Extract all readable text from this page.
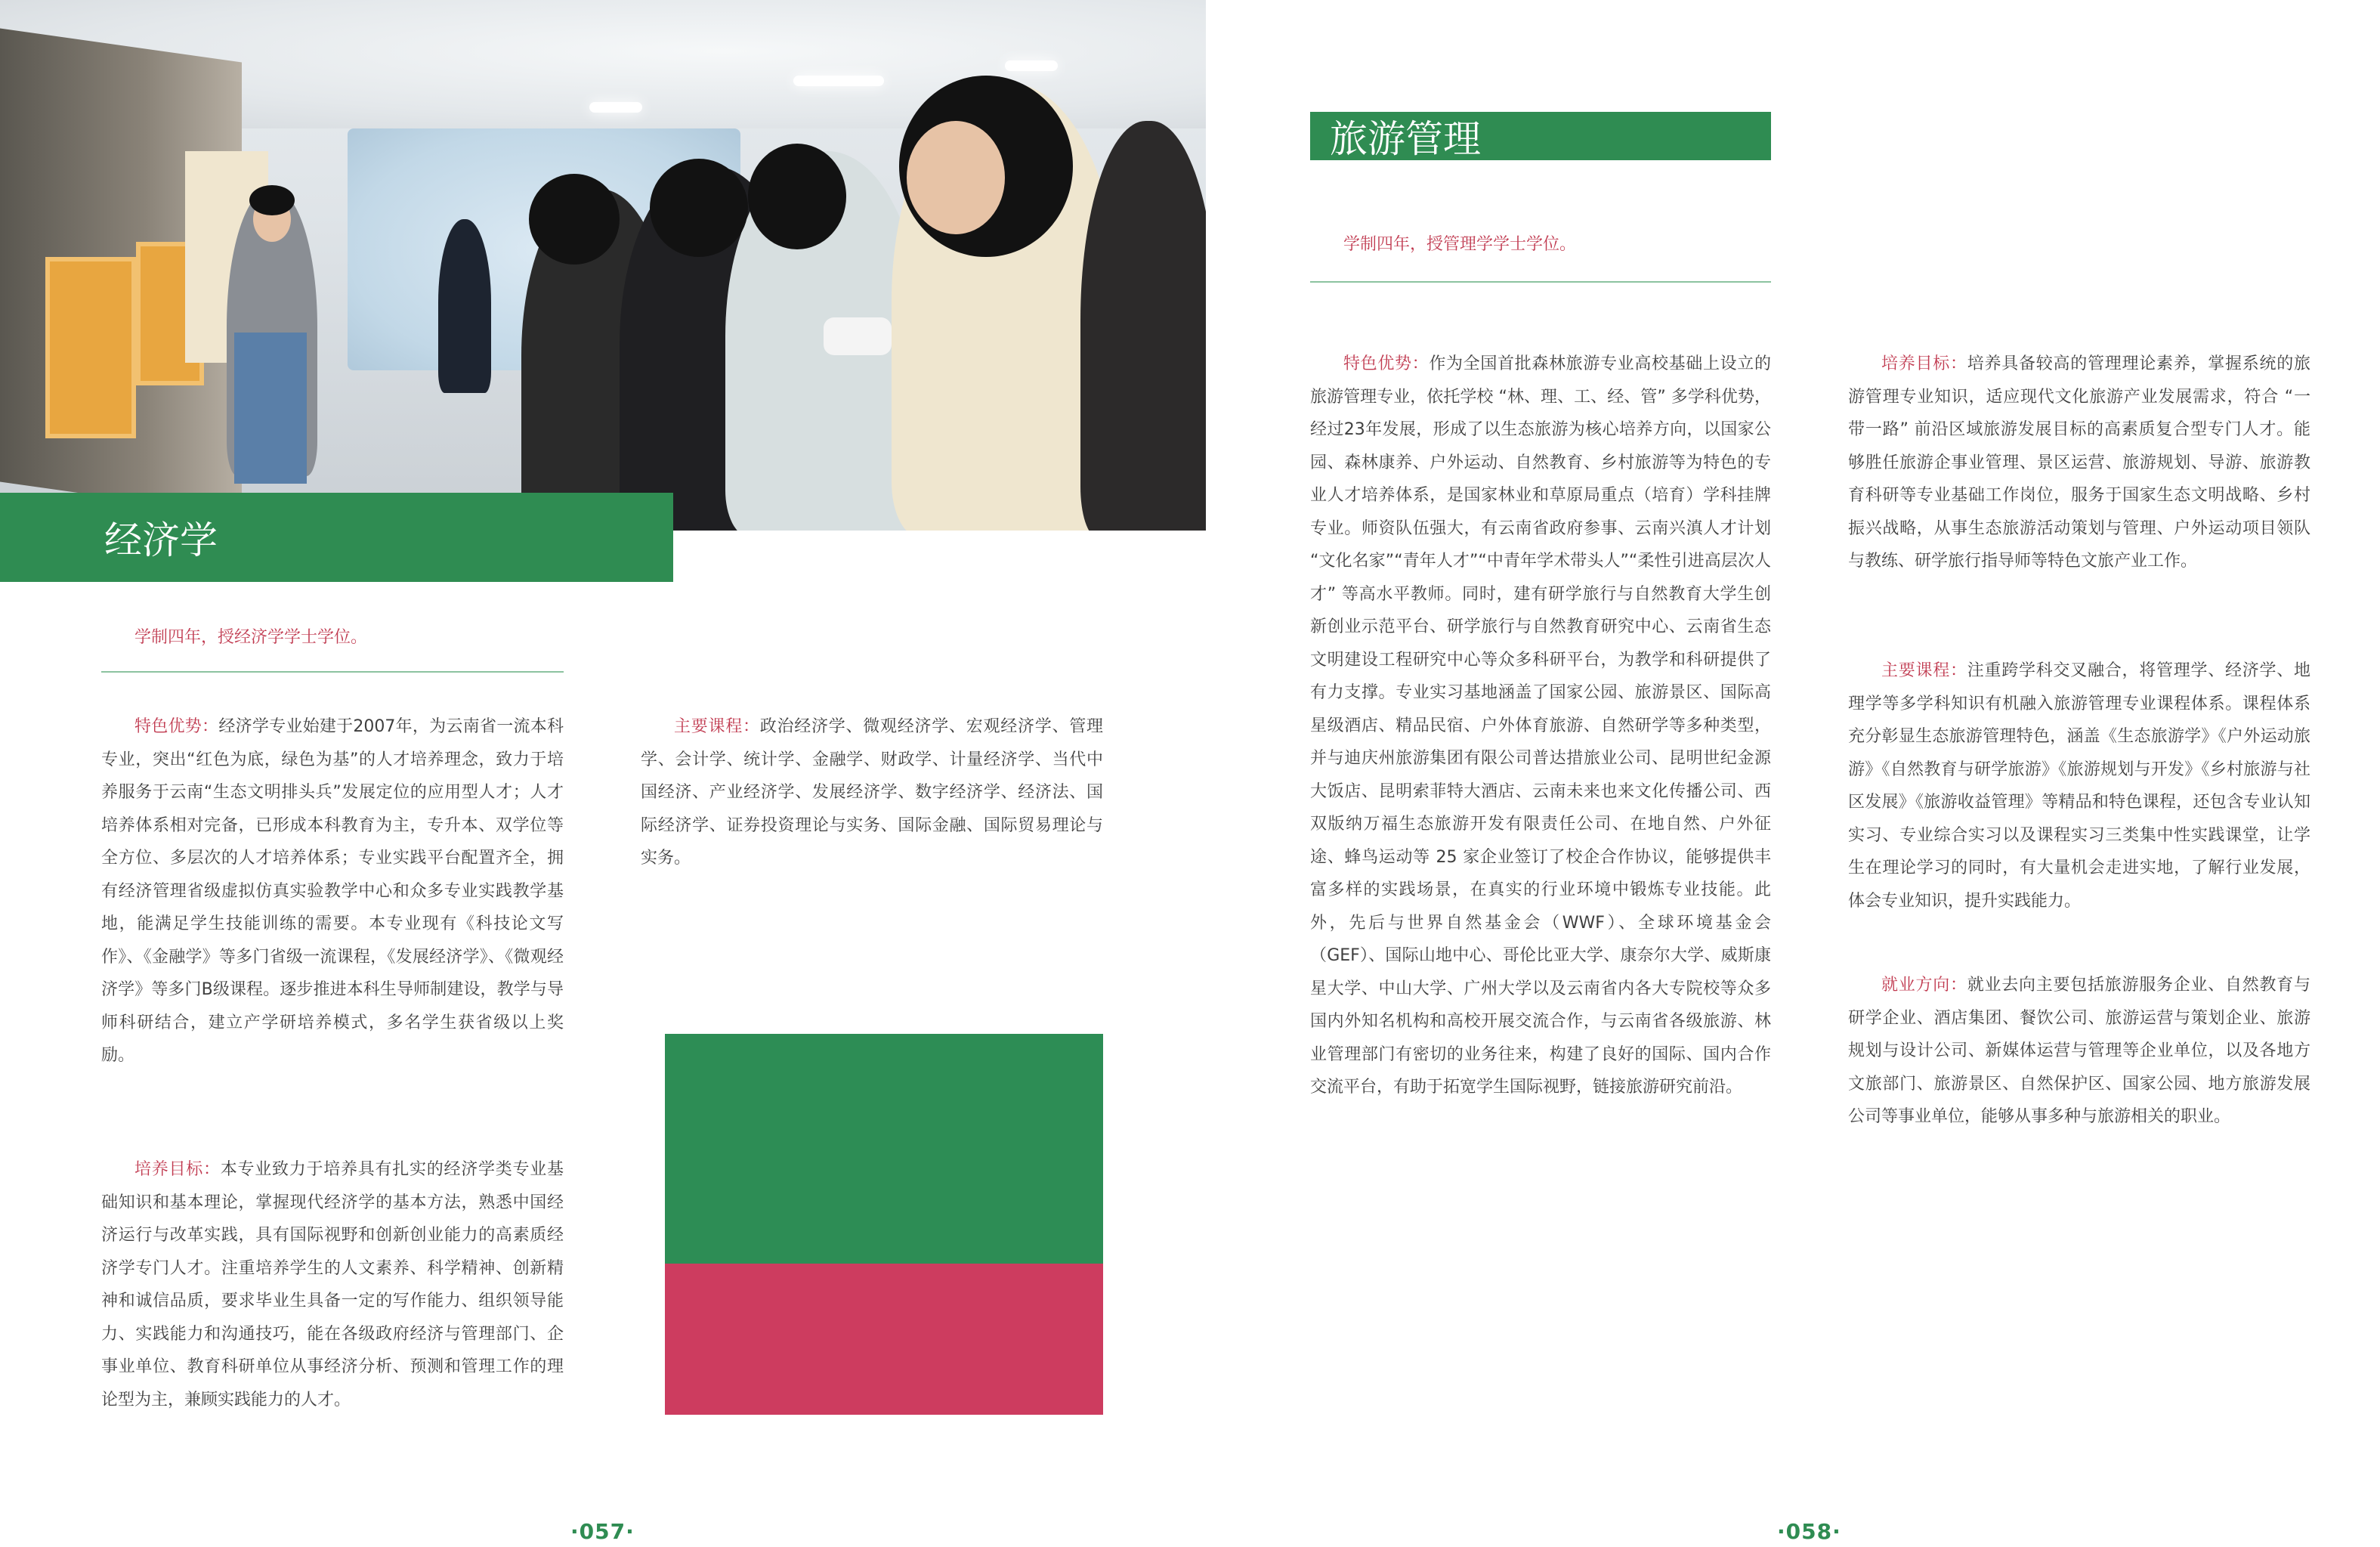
经济学
学制四年，授经济学学士学位。
特色优势：经济学专业始建于2007年，为云南省一流本科专业，突出“红色为底，绿色为基”的人才培养理念，致力于培养服务于云南“生态文明排头兵”发展定位的应用型人才；人才培养体系相对完备，已形成本科教育为主，专升本、双学位等全方位、多层次的人才培养体系；专业实践平台配置齐全，拥有经济管理省级虚拟仿真实验教学中心和众多专业实践教学基地，能满足学生技能训练的需要。本专业现有《科技论文写作》、《金融学》等多门省级一流课程，《发展经济学》、《微观经济学》等多门B级课程。逐步推进本科生导师制建设，教学与导师科研结合，建立产学研培养模式，多名学生获省级以上奖励。
培养目标：本专业致力于培养具有扎实的经济学类专业基础知识和基本理论，掌握现代经济学的基本方法，熟悉中国经济运行与改革实践，具有国际视野和创新创业能力的高素质经济学专门人才。注重培养学生的人文素养、科学精神、创新精神和诚信品质，要求毕业生具备一定的写作能力、组织领导能力、实践能力和沟通技巧，能在各级政府经济与管理部门、企事业单位、教育科研单位从事经济分析、预测和管理工作的理论型为主，兼顾实践能力的人才。
主要课程：政治经济学、微观经济学、宏观经济学、管理学、会计学、统计学、金融学、财政学、计量经济学、当代中国经济、产业经济学、发展经济学、数字经济学、经济法、国际经济学、证券投资理论与实务、国际金融、国际贸易理论与实务。
·057·
旅游管理
学制四年，授管理学学士学位。
特色优势：作为全国首批森林旅游专业高校基础上设立的旅游管理专业，依托学校 “林、理、工、经、管” 多学科优势，经过23年发展，形成了以生态旅游为核心培养方向，以国家公园、森林康养、户外运动、自然教育、乡村旅游等为特色的专业人才培养体系，是国家林业和草原局重点（培育）学科挂牌专业。师资队伍强大，有云南省政府参事、云南兴滇人才计划 “文化名家”“青年人才”“中青年学术带头人”“柔性引进高层次人才” 等高水平教师。同时，建有研学旅行与自然教育大学生创新创业示范平台、研学旅行与自然教育研究中心、云南省生态文明建设工程研究中心等众多科研平台，为教学和科研提供了有力支撑。专业实习基地涵盖了国家公园、旅游景区、国际高星级酒店、精品民宿、户外体育旅游、自然研学等多种类型，并与迪庆州旅游集团有限公司普达措旅业公司、昆明世纪金源大饭店、昆明索菲特大酒店、云南未来也来文化传播公司、西双版纳万福生态旅游开发有限责任公司、在地自然、户外征途、蜂鸟运动等 25 家企业签订了校企合作协议，能够提供丰富多样的实践场景，在真实的行业环境中锻炼专业技能。此外，先后与世界自然基金会（WWF）、全球环境基金会（GEF）、国际山地中心、哥伦比亚大学、康奈尔大学、威斯康星大学、中山大学、广州大学以及云南省内各大专院校等众多国内外知名机构和高校开展交流合作，与云南省各级旅游、林业管理部门有密切的业务往来，构建了良好的国际、国内合作交流平台，有助于拓宽学生国际视野，链接旅游研究前沿。
培养目标：培养具备较高的管理理论素养，掌握系统的旅游管理专业知识，适应现代文化旅游产业发展需求，符合 “一带一路” 前沿区域旅游发展目标的高素质复合型专门人才。能够胜任旅游企事业管理、景区运营、旅游规划、导游、旅游教育科研等专业基础工作岗位，服务于国家生态文明战略、乡村振兴战略，从事生态旅游活动策划与管理、户外运动项目领队与教练、研学旅行指导师等特色文旅产业工作。
主要课程：注重跨学科交叉融合，将管理学、经济学、地理学等多学科知识有机融入旅游管理专业课程体系。课程体系充分彰显生态旅游管理特色，涵盖《生态旅游学》《户外运动旅游》《自然教育与研学旅游》《旅游规划与开发》《乡村旅游与社区发展》《旅游收益管理》等精品和特色课程，还包含专业认知实习、专业综合实习以及课程实习三类集中性实践课堂，让学生在理论学习的同时，有大量机会走进实地，了解行业发展，体会专业知识，提升实践能力。
就业方向：就业去向主要包括旅游服务企业、自然教育与研学企业、酒店集团、餐饮公司、旅游运营与策划企业、旅游规划与设计公司、新媒体运营与管理等企业单位，以及各地方文旅部门、旅游景区、自然保护区、国家公园、地方旅游发展公司等事业单位，能够从事多种与旅游相关的职业。
·058·
